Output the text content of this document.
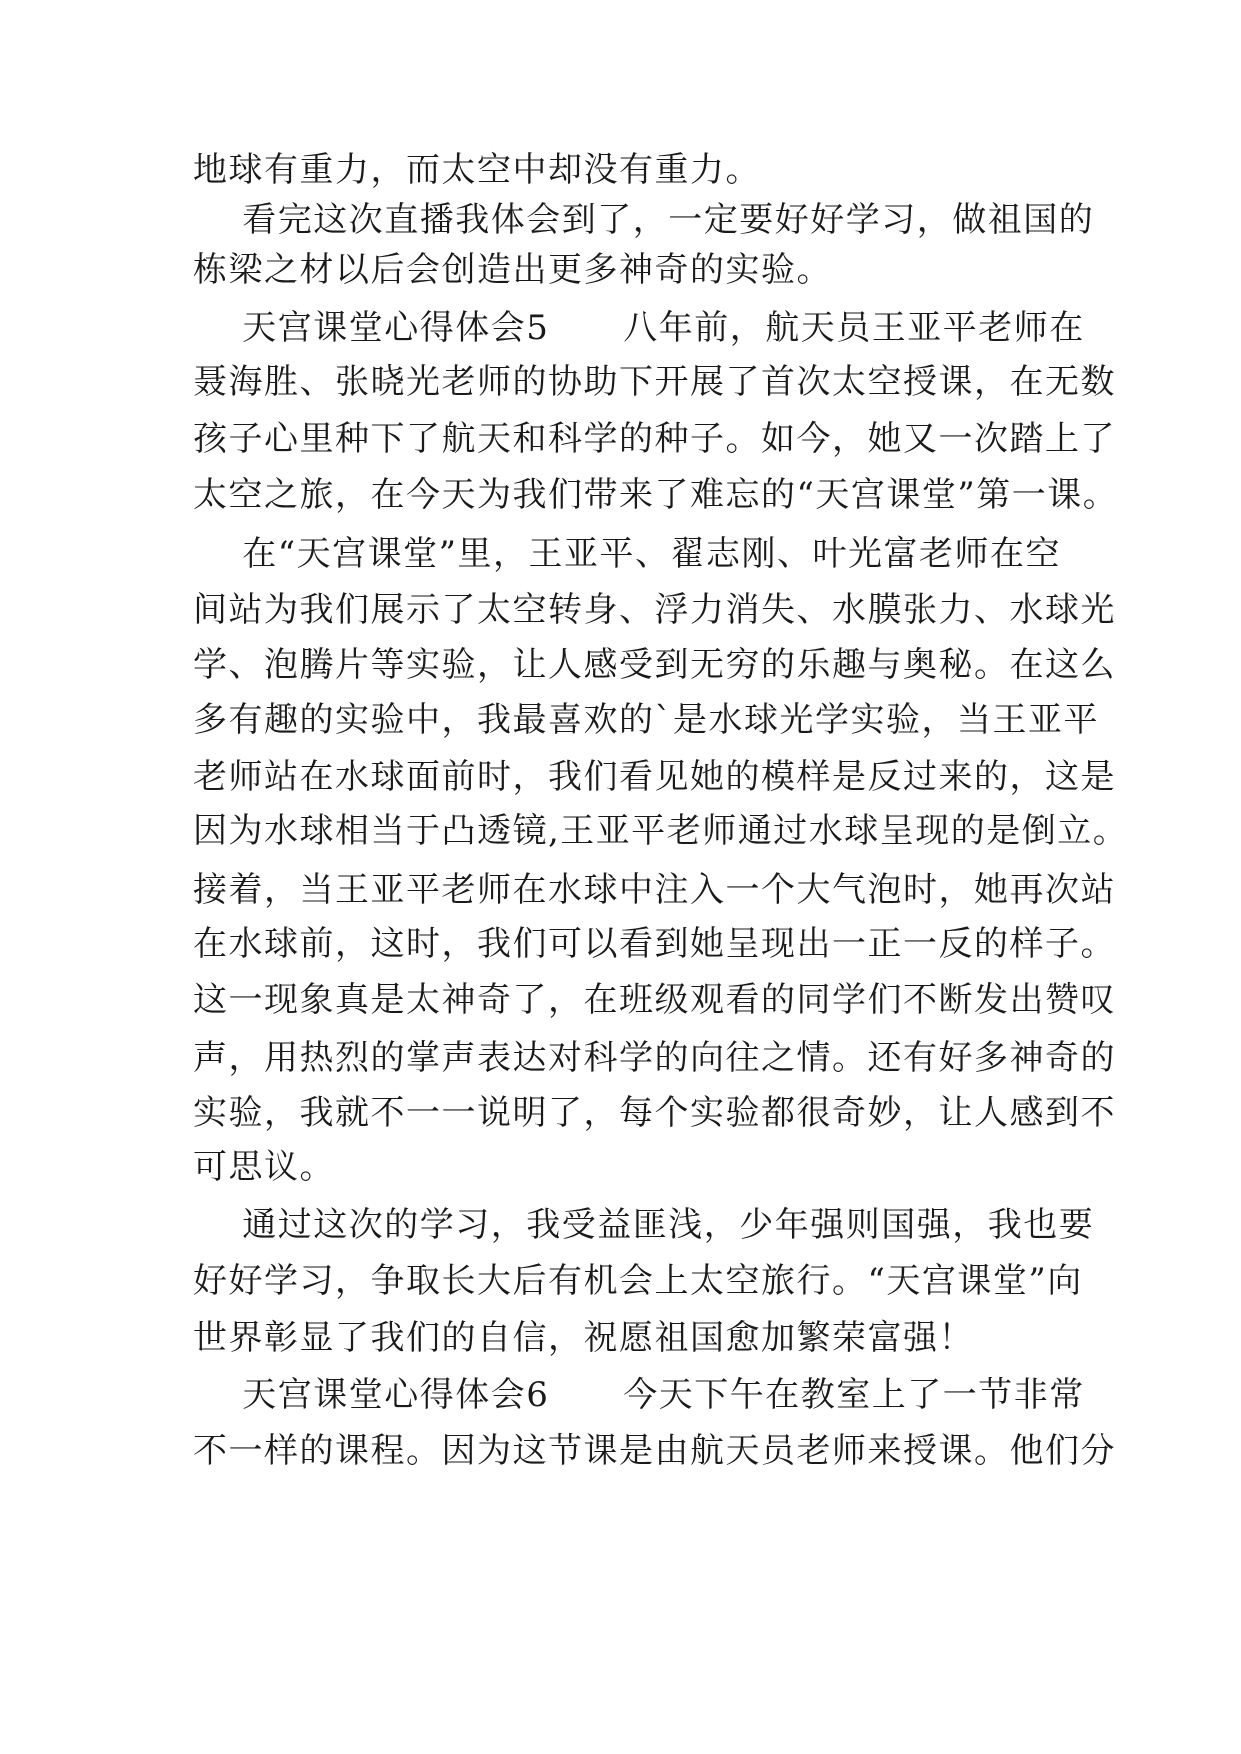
地球有重力，而太空中却没有重力。
看完这次直播我体会到了，一定要好好学习，做祖国的
栋梁之材以后会创造出更多神奇的实验。
天宫课堂心得体会5      八年前，航天员王亚平老师在
聂海胜、张晓光老师的协助下开展了首次太空授课，在无数
孩子心里种下了航天和科学的种子。如今，她又一次踏上了
太空之旅，在今天为我们带来了难忘的“天宫课堂”第一课。
在“天宫课堂”里，王亚平、翟志刚、叶光富老师在空
间站为我们展示了太空转身、浮力消失、水膜张力、水球光
学、泡腾片等实验，让人感受到无穷的乐趣与奥秘。在这么
多有趣的实验中，我最喜欢的`是水球光学实验，当王亚平
老师站在水球面前时，我们看见她的模样是反过来的，这是
因为水球相当于凸透镜,王亚平老师通过水球呈现的是倒立。
接着，当王亚平老师在水球中注入一个大气泡时，她再次站
在水球前，这时，我们可以看到她呈现出一正一反的样子。
这一现象真是太神奇了，在班级观看的同学们不断发出赞叹
声，用热烈的掌声表达对科学的向往之情。还有好多神奇的
实验，我就不一一说明了，每个实验都很奇妙，让人感到不
可思议。
通过这次的学习，我受益匪浅，少年强则国强，我也要
好好学习，争取长大后有机会上太空旅行。“天宫课堂”向
世界彰显了我们的自信，祝愿祖国愈加繁荣富强！
天宫课堂心得体会6      今天下午在教室上了一节非常
不一样的课程。因为这节课是由航天员老师来授课。他们分
